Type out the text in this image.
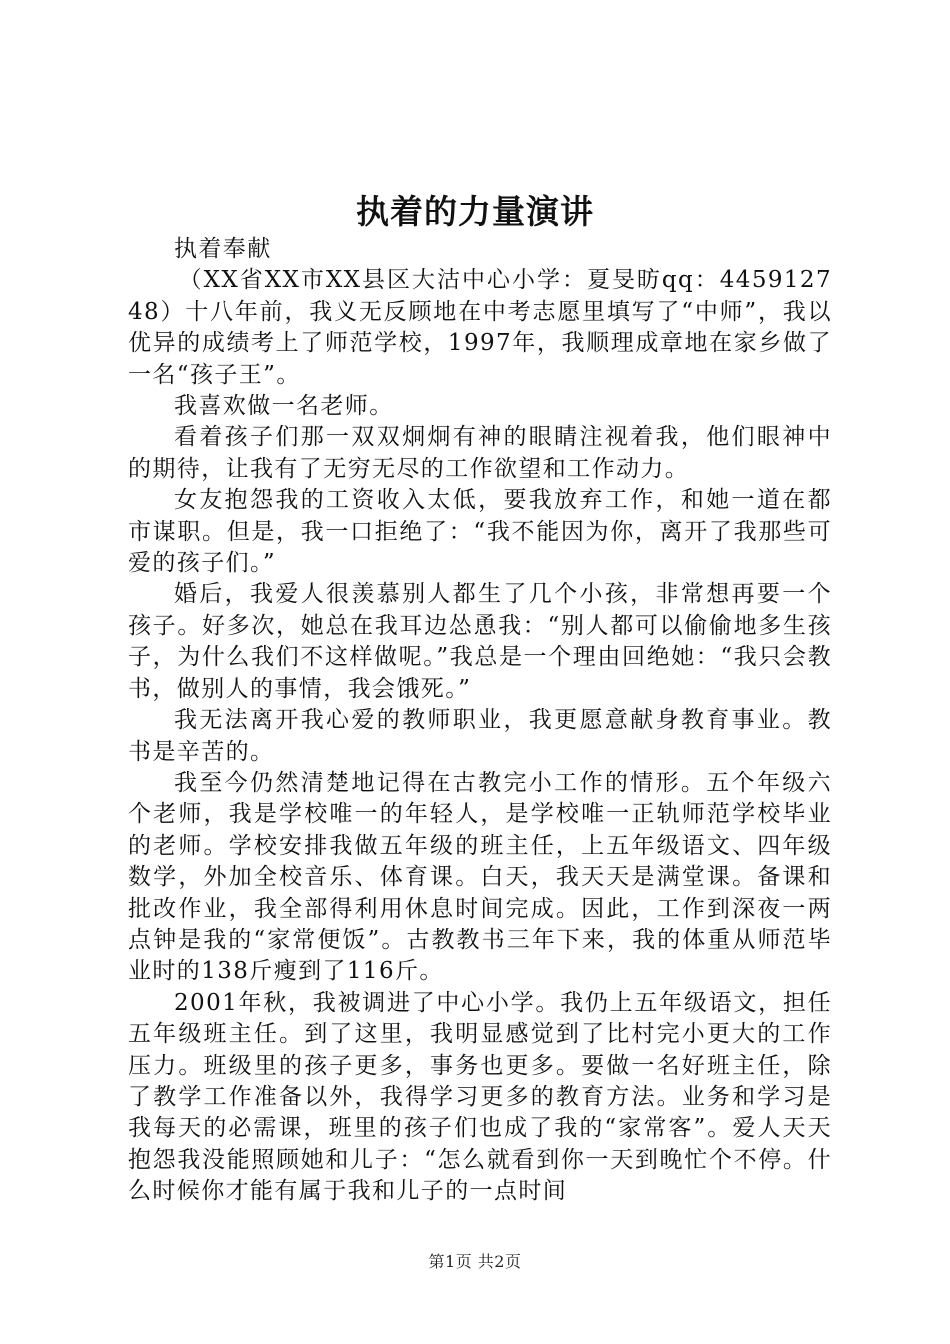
执着的力量演讲

执着奉献

（XX省XX市XX县区大沽中心小学：夏旻昉qq：445912748）十八年前，我义无反顾地在中考志愿里填写了“中师”，我以优异的成绩考上了师范学校，1997年，我顺理成章地在家乡做了一名“孩子王”。

我喜欢做一名老师。

看着孩子们那一双双炯炯有神的眼睛注视着我，他们眼神中的期待，让我有了无穷无尽的工作欲望和工作动力。

女友抱怨我的工资收入太低，要我放弃工作，和她一道在都市谋职。但是，我一口拒绝了：“我不能因为你，离开了我那些可爱的孩子们。”

婚后，我爱人很羡慕别人都生了几个小孩，非常想再要一个孩子。好多次，她总在我耳边怂恿我：“别人都可以偷偷地多生孩子，为什么我们不这样做呢。”我总是一个理由回绝她：“我只会教书，做别人的事情，我会饿死。”

我无法离开我心爱的教师职业，我更愿意献身教育事业。教书是辛苦的。

我至今仍然清楚地记得在古教完小工作的情形。五个年级六个老师，我是学校唯一的年轻人，是学校唯一正轨师范学校毕业的老师。学校安排我做五年级的班主任，上五年级语文、四年级数学，外加全校音乐、体育课。白天，我天天是满堂课。备课和批改作业，我全部得利用休息时间完成。因此，工作到深夜一两点钟是我的“家常便饭”。古教教书三年下来，我的体重从师范毕业时的138斤瘦到了116斤。

2001年秋，我被调进了中心小学。我仍上五年级语文，担任五年级班主任。到了这里，我明显感觉到了比村完小更大的工作压力。班级里的孩子更多，事务也更多。要做一名好班主任，除了教学工作准备以外，我得学习更多的教育方法。业务和学习是我每天的必需课，班里的孩子们也成了我的“家常客”。爱人天天抱怨我没能照顾她和儿子：“怎么就看到你一天到晚忙个不停。什么时候你才能有属于我和儿子的一点时间

第1页 共2页
